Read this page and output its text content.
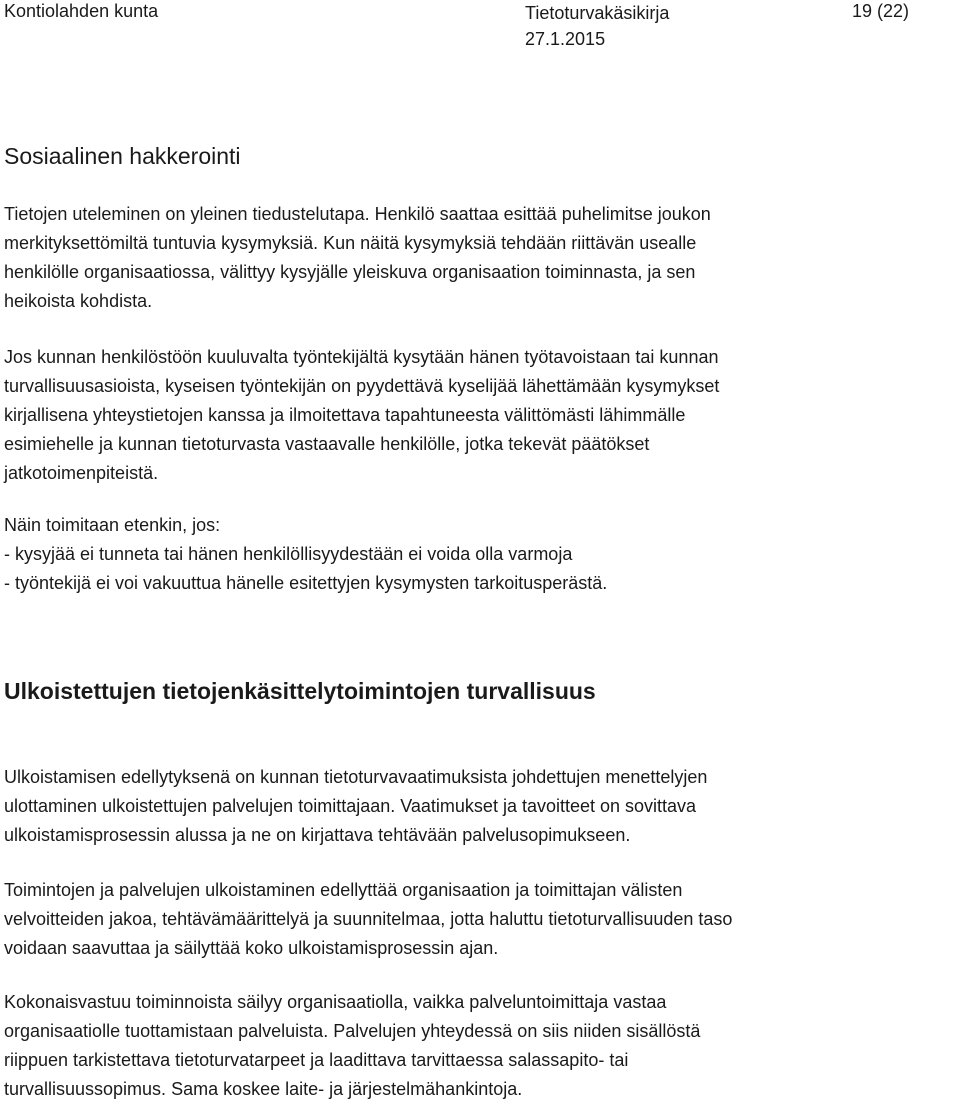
Kontiolahden kunta	Tietoturvakäsikirja
27.1.2015
19 (22)
Sosiaalinen hakkerointi

Tietojen uteleminen on yleinen tiedustelutapa. Henkilö saattaa esittää puhelimitse joukon
merkityksettömiltä tuntuvia kysymyksiä. Kun näitä kysymyksiä tehdään riittävän usealle
henkilölle organisaatiossa, välittyy kysyjälle yleiskuva organisaation toiminnasta, ja sen
heikoista kohdista.

Jos kunnan henkilöstöön kuuluvalta työntekijältä kysytään hänen työtavoistaan tai kunnan
turvallisuusasioista, kyseisen työntekijän on pyydettävä kyselijää lähettämään kysymykset
kirjallisena yhteystietojen kanssa ja ilmoitettava tapahtuneesta välittömästi lähimmälle
esimiehelle ja kunnan tietoturvasta vastaavalle henkilölle, jotka tekevät päätökset
jatkotoimenpiteistä.

Näin toimitaan etenkin, jos:
- kysyjää ei tunneta tai hänen henkilöllisyydestään ei voida olla varmoja
- työntekijä ei voi vakuuttua hänelle esitettyjen kysymysten tarkoitusperästä.

Ulkoistettujen tietojenkäsittelytoimintojen turvallisuus

Ulkoistamisen edellytyksenä on kunnan tietoturvavaatimuksista johdettujen menettelyjen
ulottaminen ulkoistettujen palvelujen toimittajaan. Vaatimukset ja tavoitteet on sovittava
ulkoistamisprosessin alussa ja ne on kirjattava tehtävään palvelusopimukseen.

Toimintojen ja palvelujen ulkoistaminen edellyttää organisaation ja toimittajan välisten
velvoitteiden jakoa, tehtävämäärittelyä ja suunnitelmaa, jotta haluttu tietoturvallisuuden taso
voidaan saavuttaa ja säilyttää koko ulkoistamisprosessin ajan.

Kokonaisvastuu toiminnoista säilyy organisaatiolla, vaikka palveluntoimittaja vastaa
organisaatiolle tuottamistaan palveluista. Palvelujen yhteydessä on siis niiden sisällöstä
riippuen tarkistettava tietoturvatarpeet ja laadittava tarvittaessa salassapito- tai
turvallisuussopimus. Sama koskee laite- ja järjestelmähankintoja.
